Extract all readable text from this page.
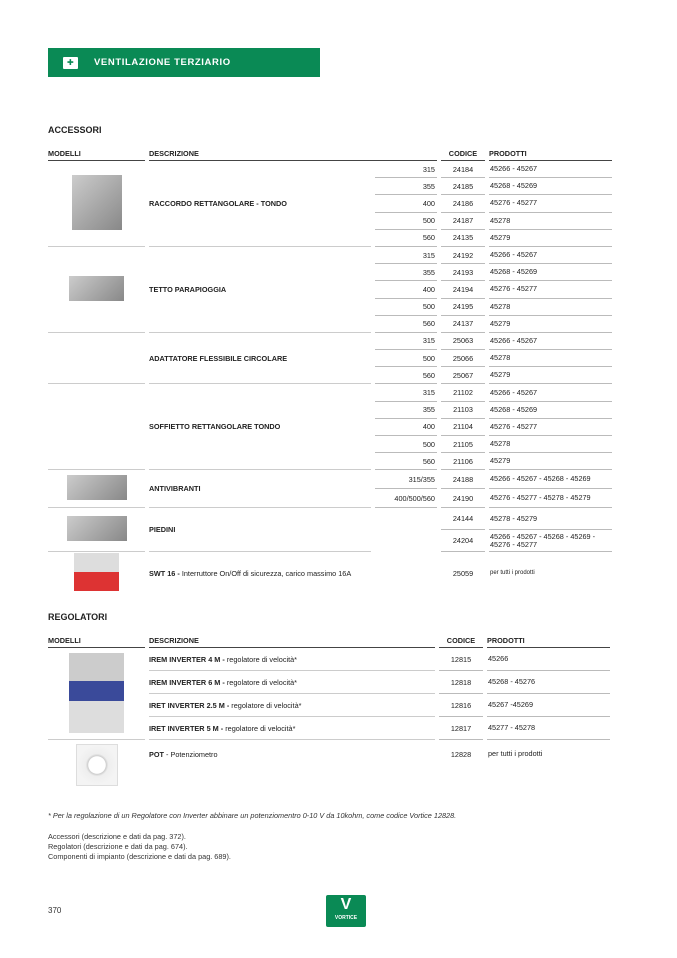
✚
VENTILAZIONE TERZIARIO
ACCESSORI
MODELLI	DESCRIZIONE		CODICE	PRODOTTI
	RACCORDO RETTANGOLARE - TONDO	315	24184	45266 - 45267
		355	24185	45268 - 45269
		400	24186	45276 - 45277
		500	24187	45278
		560	24135	45279
	TETTO PARAPIOGGIA	315	24192	45266 - 45267
		355	24193	45268 - 45269
		400	24194	45276 - 45277
		500	24195	45278
		560	24137	45279
	ADATTATORE FLESSIBILE CIRCOLARE	315	25063	45266 - 45267
		500	25066	45278
		560	25067	45279
	SOFFIETTO RETTANGOLARE TONDO	315	21102	45266 - 45267
		355	21103	45268 - 45269
		400	21104	45276 - 45277
		500	21105	45278
		560	21106	45279
	ANTIVIBRANTI	315/355	24188	45266 - 45267 - 45268 - 45269
		400/500/560	24190	45276 - 45277 - 45278 - 45279
	PIEDINI		24144	45278 - 45279
			24204	45266 - 45267 - 45268 - 45269 - 45276 - 45277
	SWT 16 - Interruttore On/Off di sicurezza, carico massimo 16A		25059	per tutti i prodotti
REGOLATORI
MODELLI	DESCRIZIONE	CODICE	PRODOTTI
	IREM INVERTER 4 M - regolatore di velocità*	12815	45266
	IREM INVERTER 6 M - regolatore di velocità*	12818	45268 - 45276
	IRET INVERTER 2.5 M - regolatore di velocità*	12816	45267 -45269
	IRET INVERTER 5 M - regolatore di velocità*	12817	45277 - 45278
	POT - Potenziometro	12828	per tutti i prodotti
* Per la regolazione di un Regolatore con Inverter abbinare un potenziomentro 0-10 V da 10kohm, come codice Vortice 12828.
Accessori (descrizione e dati da pag. 372).
Regolatori (descrizione e dati da pag. 674).
Componenti di impianto (descrizione e dati da pag. 689).
370	V
VORTICE
